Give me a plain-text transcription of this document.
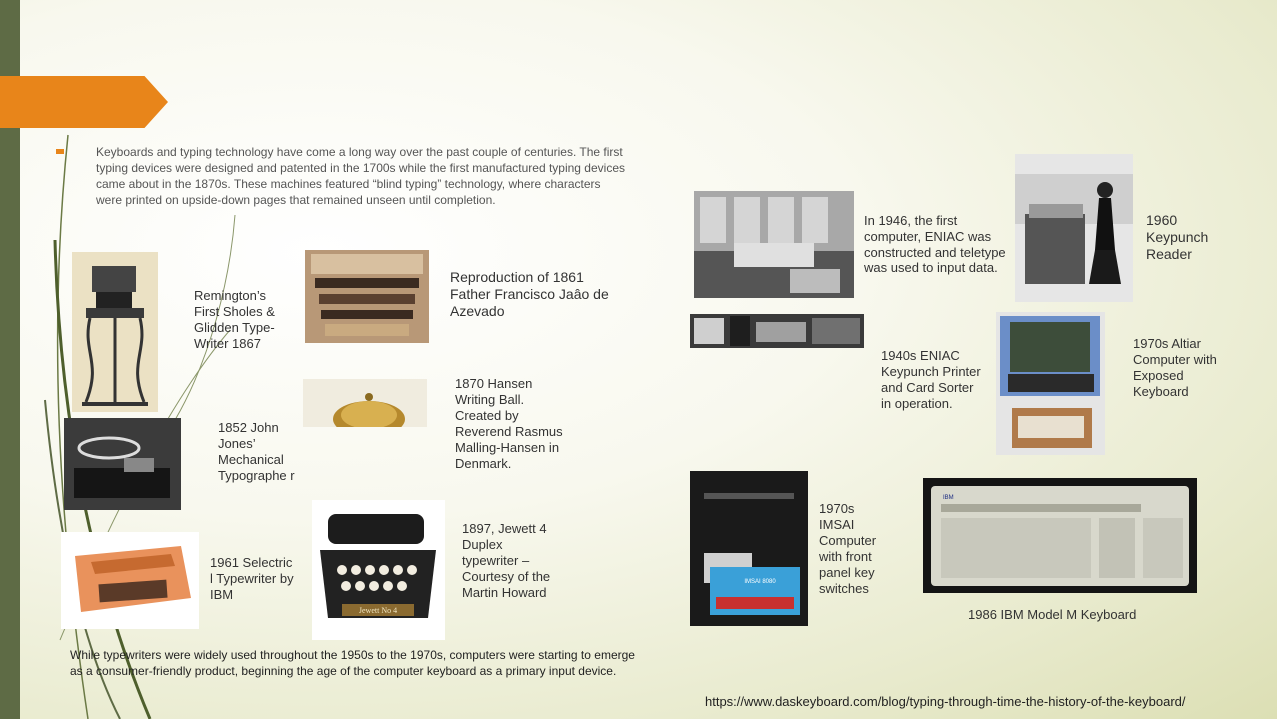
Keyboards and typing technology have come a long way over the past couple of centuries. The first typing devices were designed and patented in the 1700s while the first manufactured typing devices came about in the 1870s. These machines featured “blind typing” technology, where characters were printed on upside-down pages that remained unseen until completion.
Jewett No 4
Remington’s First Sholes & Glidden Type-Writer 1867
Reproduction of 1861 Father Francisco Jaâo de Azevado
1870 Hansen Writing Ball. Created by Reverend Rasmus Malling-Hansen in Denmark.
1852 John Jones’ Mechanical Typographe r
1961 Selectric l Typewriter by IBM
1897, Jewett 4 Duplex typewriter – Courtesy of the Martin Howard
IMSAI 8080
IBM
In 1946, the first
computer, ENIAC was
constructed and teletype
was used to input data.
1960 Keypunch Reader
1940s ENIAC Keypunch Printer and Card Sorter in operation.
1970s Altiar Computer with Exposed Keyboard
1970s IMSAI Computer with front panel key switches
1986 IBM Model M Keyboard
While typewriters were widely used throughout the 1950s to the 1970s, computers were starting to emerge as a consumer-friendly product, beginning the age of the computer keyboard as a primary input device.
https://www.daskeyboard.com/blog/typing-through-time-the-history-of-the-keyboard/
